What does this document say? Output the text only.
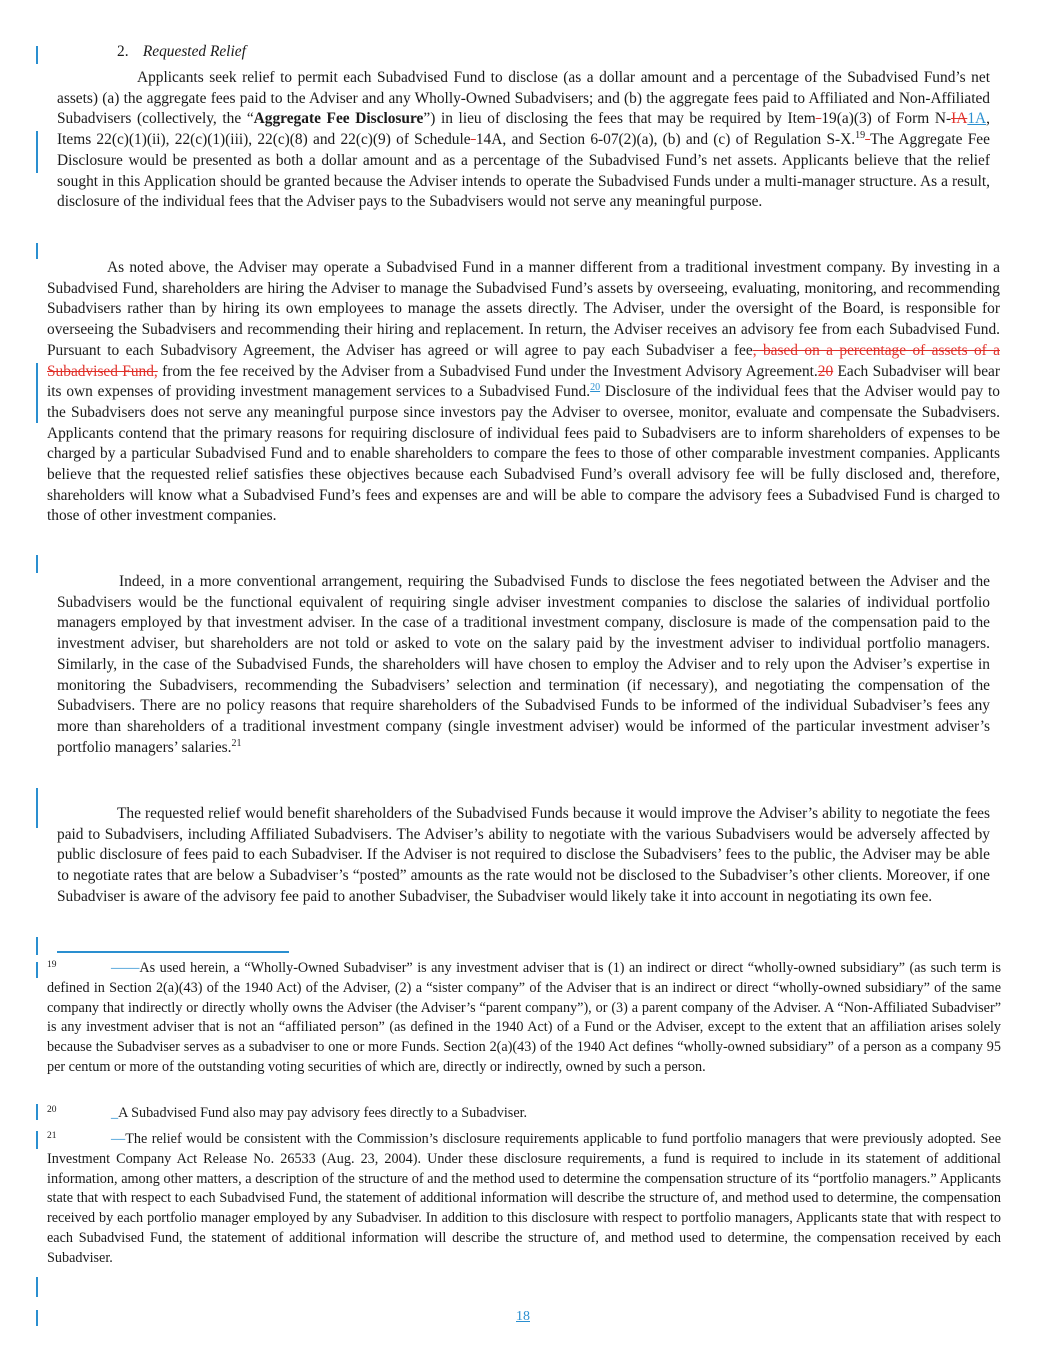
2. Requested Relief

Applicants seek relief to permit each Subadvised Fund to disclose (as a dollar amount and a percentage of the Subadvised Fund’s net assets) (a) the aggregate fees paid to the Adviser and any Wholly-Owned Subadvisers; and (b) the aggregate fees paid to Affiliated and Non-Affiliated Subadvisers (collectively, the “Aggregate Fee Disclosure”) in lieu of disclosing the fees that may be required by Item 19(a)(3) of Form N-IA1A, Items 22(c)(1)(ii), 22(c)(1)(iii), 22(c)(8) and 22(c)(9) of Schedule 14A, and Section 6-07(2)(a), (b) and (c) of Regulation S-X.$^{19}$ The Aggregate Fee Disclosure would be presented as both a dollar amount and as a percentage of the Subadvised Fund’s net assets. Applicants believe that the relief sought in this Application should be granted because the Adviser intends to operate the Subadvised Funds under a multi-manager structure. As a result, disclosure of the individual fees that the Adviser pays to the Subadvisers would not serve any meaningful purpose.

As noted above, the Adviser may operate a Subadvised Fund in a manner different from a traditional investment company. By investing in a Subadvised Fund, shareholders are hiring the Adviser to manage the Subadvised Fund’s assets by overseeing, evaluating, monitoring, and recommending Subadvisers rather than by hiring its own employees to manage the assets directly. The Adviser, under the oversight of the Board, is responsible for overseeing the Subadvisers and recommending their hiring and replacement. In return, the Adviser receives an advisory fee from each Subadvised Fund. Pursuant to each Subadvisory Agreement, the Adviser has agreed or will agree to pay each Subadviser a fee, based on a percentage of assets of a Subadvised Fund, from the fee received by the Adviser from a Subadvised Fund under the Investment Advisory Agreement.20 Each Subadviser will bear its own expenses of providing investment management services to a Subadvised Fund.$^{20}$ Disclosure of the individual fees that the Adviser would pay to the Subadvisers does not serve any meaningful purpose since investors pay the Adviser to oversee, monitor, evaluate and compensate the Subadvisers. Applicants contend that the primary reasons for requiring disclosure of individual fees paid to Subadvisers are to inform shareholders of expenses to be charged by a particular Subadvised Fund and to enable shareholders to compare the fees to those of other comparable investment companies. Applicants believe that the requested relief satisfies these objectives because each Subadvised Fund’s overall advisory fee will be fully disclosed and, therefore, shareholders will know what a Subadvised Fund’s fees and expenses are and will be able to compare the advisory fees a Subadvised Fund is charged to those of other investment companies.

Indeed, in a more conventional arrangement, requiring the Subadvised Funds to disclose the fees negotiated between the Adviser and the Subadvisers would be the functional equivalent of requiring single adviser investment companies to disclose the salaries of individual portfolio managers employed by that investment adviser. In the case of a traditional investment company, disclosure is made of the compensation paid to the investment adviser, but shareholders are not told or asked to vote on the salary paid by the investment adviser to individual portfolio managers. Similarly, in the case of the Subadvised Funds, the shareholders will have chosen to employ the Adviser and to rely upon the Adviser’s expertise in monitoring the Subadvisers, recommending the Subadvisers’ selection and termination (if necessary), and negotiating the compensation of the Subadvisers. There are no policy reasons that require shareholders of the Subadvised Funds to be informed of the individual Subadviser’s fees any more than shareholders of a traditional investment company (single investment adviser) would be informed of the particular investment adviser’s portfolio managers’ salaries.$^{21}$

The requested relief would benefit shareholders of the Subadvised Funds because it would improve the Adviser’s ability to negotiate the fees paid to Subadvisers, including Affiliated Subadvisers. The Adviser’s ability to negotiate with the various Subadvisers would be adversely affected by public disclosure of fees paid to each Subadviser. If the Adviser is not required to disclose the Subadvisers’ fees to the public, the Adviser may be able to negotiate rates that are below a Subadviser’s “posted” amounts as the rate would not be disclosed to the Subadviser’s other clients. Moreover, if one Subadviser is aware of the advisory fee paid to another Subadviser, the Subadviser would likely take it into account in negotiating its own fee.

19	——As used herein, a “Wholly-Owned Subadviser” is any investment adviser that is (1) an indirect or direct “wholly-owned subsidiary” (as such term is defined in Section 2(a)(43) of the 1940 Act) of the Adviser, (2) a “sister company” of the Adviser that is an indirect or direct “wholly-owned subsidiary” of the same company that indirectly or directly wholly owns the Adviser (the Adviser’s “parent company”), or (3) a parent company of the Adviser. A “Non-Affiliated Subadviser” is any investment adviser that is not an “affiliated person” (as defined in the 1940 Act) of a Fund or the Adviser, except to the extent that an affiliation arises solely because the Subadviser serves as a subadviser to one or more Funds. Section 2(a)(43) of the 1940 Act defines “wholly-owned subsidiary” of a person as a company 95 per centum or more of the outstanding voting securities of which are, directly or indirectly, owned by such a person.
20	_A Subadvised Fund also may pay advisory fees directly to a Subadviser.
21	—The relief would be consistent with the Commission’s disclosure requirements applicable to fund portfolio managers that were previously adopted. See Investment Company Act Release No. 26533 (Aug. 23, 2004). Under these disclosure requirements, a fund is required to include in its statement of additional information, among other matters, a description of the structure of and the method used to determine the compensation structure of its “portfolio managers.” Applicants state that with respect to each Subadvised Fund, the statement of additional information will describe the structure of, and method used to determine, the compensation received by each portfolio manager employed by any Subadviser. In addition to this disclosure with respect to portfolio managers, Applicants state that with respect to each Subadvised Fund, the statement of additional information will describe the structure of, and method used to determine, the compensation received by each Subadviser.
18
